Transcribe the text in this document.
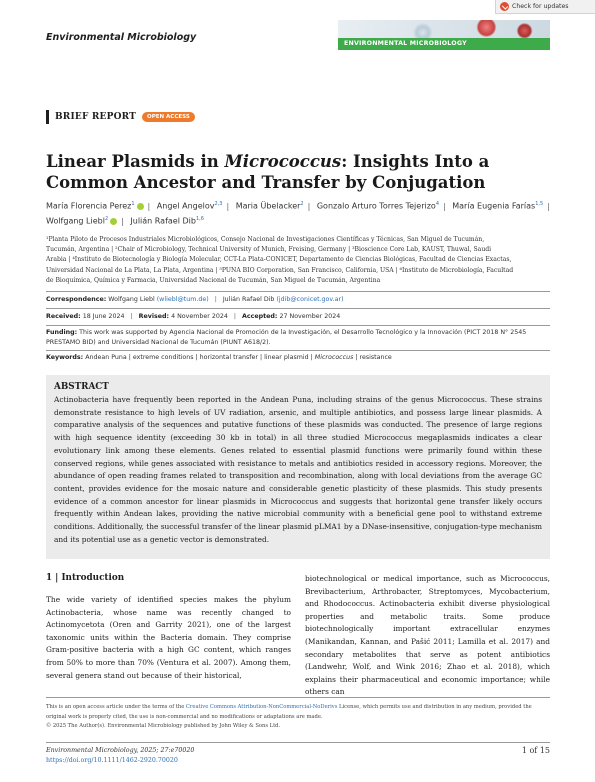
Check for updates
Environmental Microbiology
ENVIRONMENTAL MICROBIOLOGY
BRIEF REPORT	OPEN ACCESS
Linear Plasmids in Micrococcus: Insights Into a Common Ancestor and Transfer by Conjugation
María Florencia Perez$^1$ | Angel Angelov$^{2,3}$ | Maria Übelacker$^2$ | Gonzalo Arturo Torres Tejerizo$^4$ | María Eugenia Farías$^{1,5}$ |
Wolfgang Liebl$^2$ | Julián Rafael Dib$^{1,6}$
¹Planta Piloto de Procesos Industriales Microbiológicos, Consejo Nacional de Investigaciones Científicas y Técnicas, San Miguel de Tucumán,
Tucumán, Argentina | ²Chair of Microbiology, Technical University of Munich, Freising, Germany | ³Bioscience Core Lab, KAUST, Thuwal, Saudi
Arabia | ⁴Instituto de Biotecnología y Biología Molecular, CCT-La Plata-CONICET, Departamento de Ciencias Biológicas, Facultad de Ciencias Exactas,
Universidad Nacional de La Plata, La Plata, Argentina | ⁵PUNA BIO Corporation, San Francisco, California, USA | ⁶Instituto de Microbiología, Facultad
de Bioquímica, Química y Farmacia, Universidad Nacional de Tucumán, San Miguel de Tucumán, Argentina
Correspondence: Wolfgang Liebl (wliebl@tum.de) | Julián Rafael Dib (jdib@conicet.gov.ar)
Received: 18 June 2024 | Revised: 4 November 2024 | Accepted: 27 November 2024
Funding: This work was supported by Agencia Nacional de Promoción de la Investigación, el Desarrollo Tecnológico y la Innovación (PICT 2018 N° 2545 PRESTAMO BID) and Universidad Nacional de Tucumán (PIUNT A618/2).
Keywords: Andean Puna | extreme conditions | horizontal transfer | linear plasmid | Micrococcus | resistance
ABSTRACT
Actinobacteria have frequently been reported in the Andean Puna, including strains of the genus Micrococcus. These strains demonstrate resistance to high levels of UV radiation, arsenic, and multiple antibiotics, and possess large linear plasmids. A comparative analysis of the sequences and putative functions of these plasmids was conducted. The presence of large regions with high sequence identity (exceeding 30 kb in total) in all three studied Micrococcus megaplasmids indicates a clear evolutionary link among these elements. Genes related to essential plasmid functions were primarily found within these conserved regions, while genes associated with resistance to metals and antibiotics resided in accessory regions. Moreover, the abundance of open reading frames related to transposition and recombination, along with local deviations from the average GC content, provides evidence for the mosaic nature and considerable genetic plasticity of these plasmids. This study presents evidence of a common ancestor for linear plasmids in Micrococcus and suggests that horizontal gene transfer likely occurs frequently within Andean lakes, providing the native microbial community with a beneficial gene pool to withstand extreme conditions. Additionally, the successful transfer of the linear plasmid pLMA1 by a DNase-insensitive, conjugation-type mechanism and its potential use as a genetic vector is demonstrated.
1 | Introduction
The wide variety of identified species makes the phylum Actinobacteria, whose name was recently changed to Actinomycetota (Oren and Garrity 2021), one of the largest taxonomic units within the Bacteria domain. They comprise Gram-positive bacteria with a high GC content, which ranges from 50% to more than 70% (Ventura et al. 2007). Among them, several genera stand out because of their historical,
biotechnological or medical importance, such as Micrococcus, Brevibacterium, Arthrobacter, Streptomyces, Mycobacterium, and Rhodococcus. Actinobacteria exhibit diverse physiological properties and metabolic traits. Some produce biotechnologically important extracellular enzymes (Manikandan, Kannan, and Pašić 2011; Lamilla et al. 2017) and secondary metabolites that serve as potent antibiotics (Landwehr, Wolf, and Wink 2016; Zhao et al. 2018), which explains their pharmaceutical and economic importance; while others can
This is an open access article under the terms of the Creative Commons Attribution-NonCommercial-NoDerivs License, which permits use and distribution in any medium, provided the original work is properly cited, the use is non-commercial and no modifications or adaptations are made.
© 2025 The Author(s). Environmental Microbiology published by John Wiley & Sons Ltd.
Environmental Microbiology, 2025; 27:e70020
https://doi.org/10.1111/1462-2920.70020
1 of 15
